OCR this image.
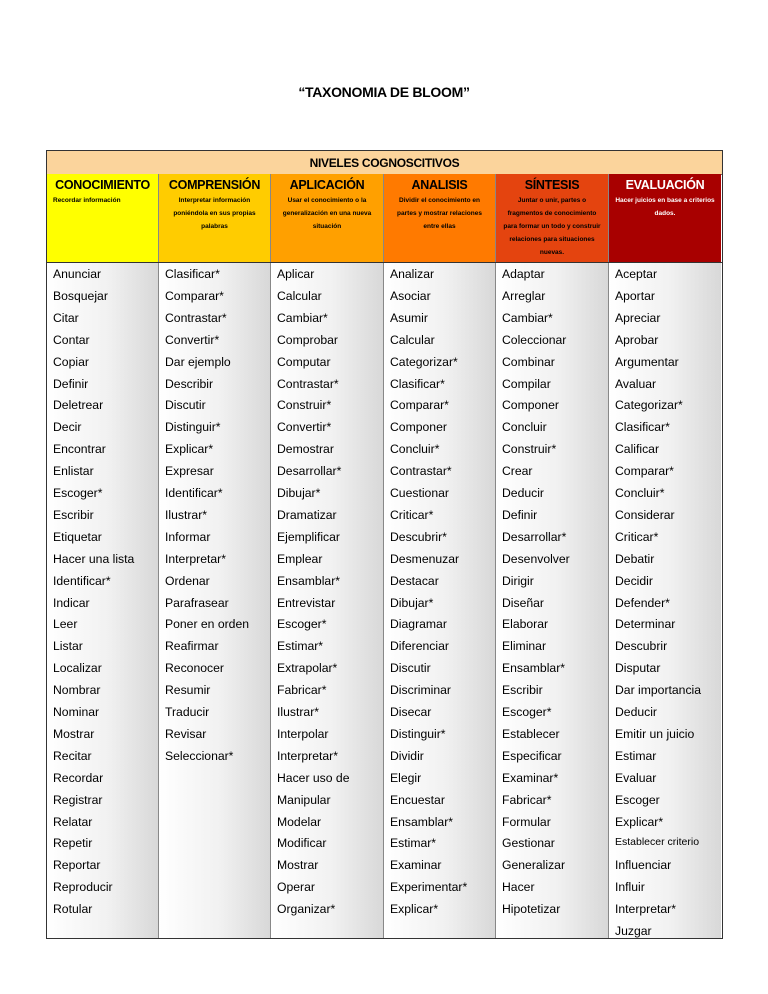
“TAXONOMIA DE BLOOM”
NIVELES COGNOSCITIVOS
CONOCIMIENTO
Recordar información
COMPRENSIÓN
Interpretar información poniéndola en sus propias palabras
APLICACIÓN
Usar el conocimiento o la generalización en una nueva situación
ANALISIS
Dividir el conocimiento en partes y mostrar relaciones entre ellas
SÍNTESIS
Juntar o unir, partes o fragmentos de conocimiento para formar un todo y construir relaciones para situaciones nuevas.
EVALUACIÓN
Hacer juicios en base a criterios dados.
Anunciar
Bosquejar
Citar
Contar
Copiar
Definir
Deletrear
Decir
Encontrar
Enlistar
Escoger*
Escribir
Etiquetar
Hacer una lista
Identificar*
Indicar
Leer
Listar
Localizar
Nombrar
Nominar
Mostrar
Recitar
Recordar
Registrar
Relatar
Repetir
Reportar
Reproducir
Rotular
Clasificar*
Comparar*
Contrastar*
Convertir*
Dar ejemplo
Describir
Discutir
Distinguir*
Explicar*
Expresar
Identificar*
Ilustrar*
Informar
Interpretar*
Ordenar
Parafrasear
Poner en orden
Reafirmar
Reconocer
Resumir
Traducir
Revisar
Seleccionar*
Aplicar
Calcular
Cambiar*
Comprobar
Computar
Contrastar*
Construir*
Convertir*
Demostrar
Desarrollar*
Dibujar*
Dramatizar
Ejemplificar
Emplear
Ensamblar*
Entrevistar
Escoger*
Estimar*
Extrapolar*
Fabricar*
Ilustrar*
Interpolar
Interpretar*
Hacer uso de
Manipular
Modelar
Modificar
Mostrar
Operar
Organizar*
Analizar
Asociar
Asumir
Calcular
Categorizar*
Clasificar*
Comparar*
Componer
Concluir*
Contrastar*
Cuestionar
Criticar*
Descubrir*
Desmenuzar
Destacar
Dibujar*
Diagramar
Diferenciar
Discutir
Discriminar
Disecar
Distinguir*
Dividir
Elegir
Encuestar
Ensamblar*
Estimar*
Examinar
Experimentar*
Explicar*
Adaptar
Arreglar
Cambiar*
Coleccionar
Combinar
Compilar
Componer
Concluir
Construir*
Crear
Deducir
Definir
Desarrollar*
Desenvolver
Dirigir
Diseñar
Elaborar
Eliminar
Ensamblar*
Escribir
Escoger*
Establecer
Especificar
Examinar*
Fabricar*
Formular
Gestionar
Generalizar
Hacer
Hipotetizar
Aceptar
Aportar
Apreciar
Aprobar
Argumentar
Avaluar
Categorizar*
Clasificar*
Calificar
Comparar*
Concluir*
Considerar
Criticar*
Debatir
Decidir
Defender*
Determinar
Descubrir
Disputar
Dar importancia
Deducir
Emitir un juicio
Estimar
Evaluar
Escoger
Explicar*
Establecer criterio
Influenciar
Influir
Interpretar*
Juzgar
